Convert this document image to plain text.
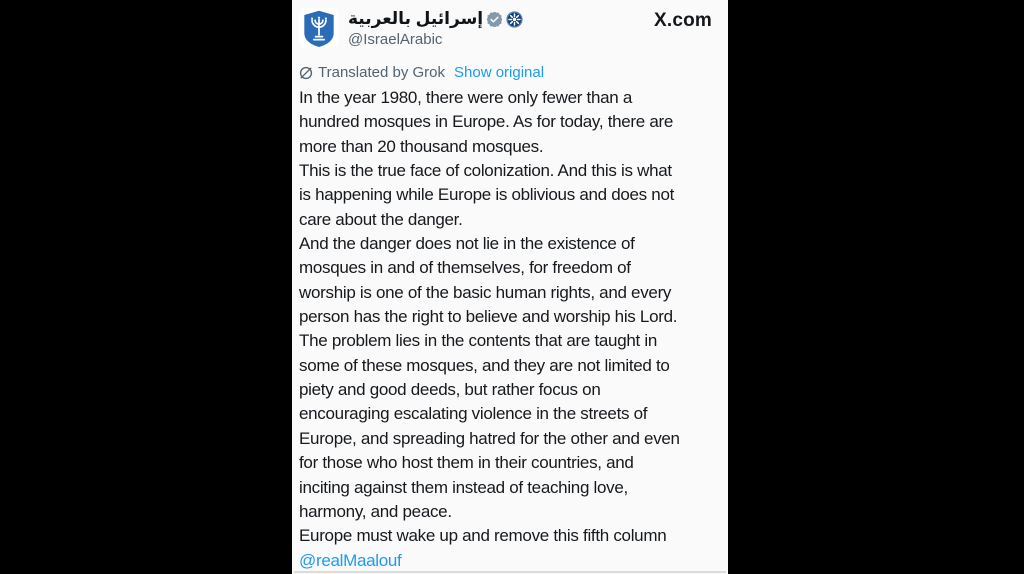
إسرائيل بالعربية
@IsraelArabic
X.com
Translated by Grok Show original
In the year 1980, there were only fewer than a
hundred mosques in Europe. As for today, there are
more than 20 thousand mosques.
This is the true face of colonization. And this is what
is happening while Europe is oblivious and does not
care about the danger.
And the danger does not lie in the existence of
mosques in and of themselves, for freedom of
worship is one of the basic human rights, and every
person has the right to believe and worship his Lord.
The problem lies in the contents that are taught in
some of these mosques, and they are not limited to
piety and good deeds, but rather focus on
encouraging escalating violence in the streets of
Europe, and spreading hatred for the other and even
for those who host them in their countries, and
inciting against them instead of teaching love,
harmony, and peace.
Europe must wake up and remove this fifth column
@realMaalouf
